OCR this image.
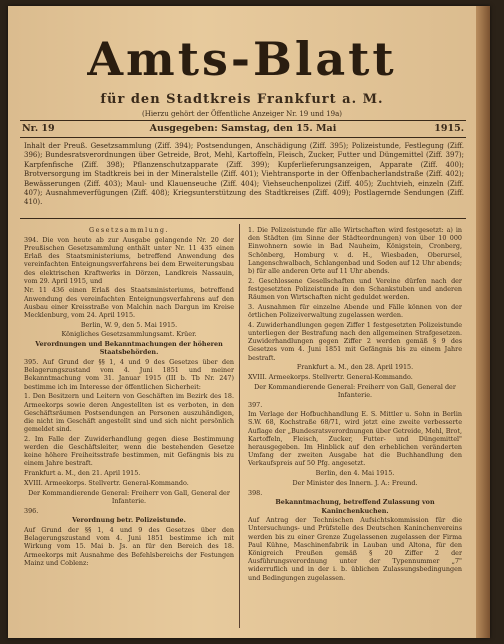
Amts-Blatt
für den Stadtkreis Frankfurt a. M.
(Hierzu gehört der Öffentliche Anzeiger Nr. 19 und 19a)
Ausgegeben: Samstag, den 15. Mai
Nr. 19	1915.
Inhalt der Preuß. Gesetzsammlung (Ziff. 394); Postsendungen, Anschädigung (Ziff. 395); Polizeistunde, Festlegung (Ziff. 396); Bundesratsverordnungen über Getreide, Brot, Mehl, Kartoffeln, Fleisch, Zucker, Futter und Düngemittel (Ziff. 397); Karpfenfische (Ziff. 398); Pflanzenschutzapparate (Ziff. 399); Kupferlieferungsanzeigen, Apparate (Ziff. 400); Brotversorgung im Stadtkreis bei in der Mineralstelle (Ziff. 401); Viehtransporte in der Offenbacherlandstraße (Ziff. 402); Bewässerungen (Ziff. 403); Maul- und Klauenseuche (Ziff. 404); Viehseuchenpolizei (Ziff. 405); Zuchtvieh, einzeln (Ziff. 407); Ausnahmeverfügungen (Ziff. 408); Kriegsunterstützung des Stadtkreises (Ziff. 409); Postlagernde Sendungen (Ziff. 410).

Gesetzsammlung.

394. Die von heute ab zur Ausgabe gelangende Nr. 20 der Preußischen Gesetzsammlung enthält unter Nr. 11 435 einen Erlaß des Staatsministeriums, betreffend Anwendung des vereinfachten Enteignungsverfahrens bei dem Erweiterungsbau des elektrischen Kraftwerks in Dörzen, Landkreis Nassauin, vom 29. April 1915, und

Nr. 11 436 einen Erlaß des Staatsministeriums, betreffend Anwendung des vereinfachten Enteignungsverfahrens auf den Ausbau einer Kreisstraße von Malchin nach Dargun im Kreise Mecklenburg, vom 24. April 1915.

Berlin, W. 9, den 5. Mai 1915.

Königliches Gesetzsammlungsamt. Krüer.

Verordnungen und Bekanntmachungen der höheren Staatsbehörden.

395. Auf Grund der §§ 1, 4 und 9 des Gesetzes über den Belagerungszustand vom 4. Juni 1851 und meiner Bekanntmachung vom 31. Januar 1915 (III b. Tb Nr. 247) bestimme ich im Interesse der öffentlichen Sicherheit:

1. Den Besitzern und Leitern von Geschäften im Bezirk des 18. Armeekorps sowie deren Angestellten ist es verboten, in den Geschäftsräumen Postsendungen an Personen auszuhändigen, die nicht im Geschäft angestellt sind und sich nicht persönlich gemeldet sind.

2. Im Falle der Zuwiderhandlung gegen diese Bestimmung werden die Geschäftsleiter, wenn die bestehenden Gesetze keine höhere Freiheitsstrafe bestimmen, mit Gefängnis bis zu einem Jahre bestraft.

Frankfurt a. M., den 21. April 1915.

XVIII. Armeekorps. Stellvertr. General-Kommando.

Der Kommandierende General: Freiherr von Gall, General der Infanterie.

396.

Verordnung betr. Polizeistunde.

Auf Grund der §§ 1, 4 und 9 des Gesetzes über den Belagerungszustand vom 4. Juni 1851 bestimme ich mit Wirkung vom 15. Mai b. Js. an für den Bereich des 18. Armeekorps mit Ausnahme des Befehlsbereichs der Festungen Mainz und Coblenz:

1. Die Polizeistunde für alle Wirtschaften wird festgesetzt: a) in den Städten (im Sinne der Städteordnungen) von über 10 000 Einwohnern sowie in Bad Nauheim, Königstein, Cronberg, Schönberg, Homburg v. d. H., Wiesbaden, Oberursel, Langenschwalbach, Schlangenbad und Soden auf 12 Uhr abends; b) für alle anderen Orte auf 11 Uhr abends.

2. Geschlossene Gesellschaften und Vereine dürfen nach der festgesetzten Polizeistunde in den Schankstuben und anderen Räumen von Wirtschaften nicht geduldet werden.

3. Ausnahmen für einzelne Abende und Fälle können von der örtlichen Polizeiverwaltung zugelassen werden.

4. Zuwiderhandlungen gegen Ziffer 1 festgesetzten Polizeistunde unterliegen der Bestrafung nach den allgemeinen Strafgesetzen. Zuwiderhandlungen gegen Ziffer 2 werden gemäß § 9 des Gesetzes vom 4. Juni 1851 mit Gefängnis bis zu einem Jahre bestraft.

Frankfurt a. M., den 28. April 1915.

XVIII. Armeekorps. Stellvertr. General-Kommando.

Der Kommandierende General: Freiherr von Gall, General der Infanterie.

397.

Im Verlage der Hofbuchhandlung E. S. Mittler u. Sohn in Berlin S.W. 68, Kochstraße 68/71, wird jetzt eine zweite verbesserte Auflage der „Bundesratsverordnungen über Getreide, Mehl, Brot, Kartoffeln, Fleisch, Zucker, Futter- und Düngemittel" herausgegeben. Im Hinblick auf den erheblichen veränderten Umfang der zweiten Ausgabe hat die Buchhandlung den Verkaufspreis auf 50 Pfg. angesetzt.

Berlin, den 4. Mai 1915.

Der Minister des Innern. J. A.: Freund.

398.

Bekanntmachung, betreffend Zulassung von Kaninchenkuchen.

Auf Antrag der Technischen Aufsichtskommission für die Untersuchungs- und Prüfstelle des Deutschen Kaninchenvereins werden bis zu einer Grenze Zugelassenen zugelassen der Firma Paul Kühne, Maschinenfabrik in Lauban und Altona, für den Königreich Preußen gemäß § 20 Ziffer 2 der Ausführungsverordnung unter der Typennummer „7" widerruflich und in der i. b. üblichen Zulassungsbedingungen und Bedingungen zugelassen.
